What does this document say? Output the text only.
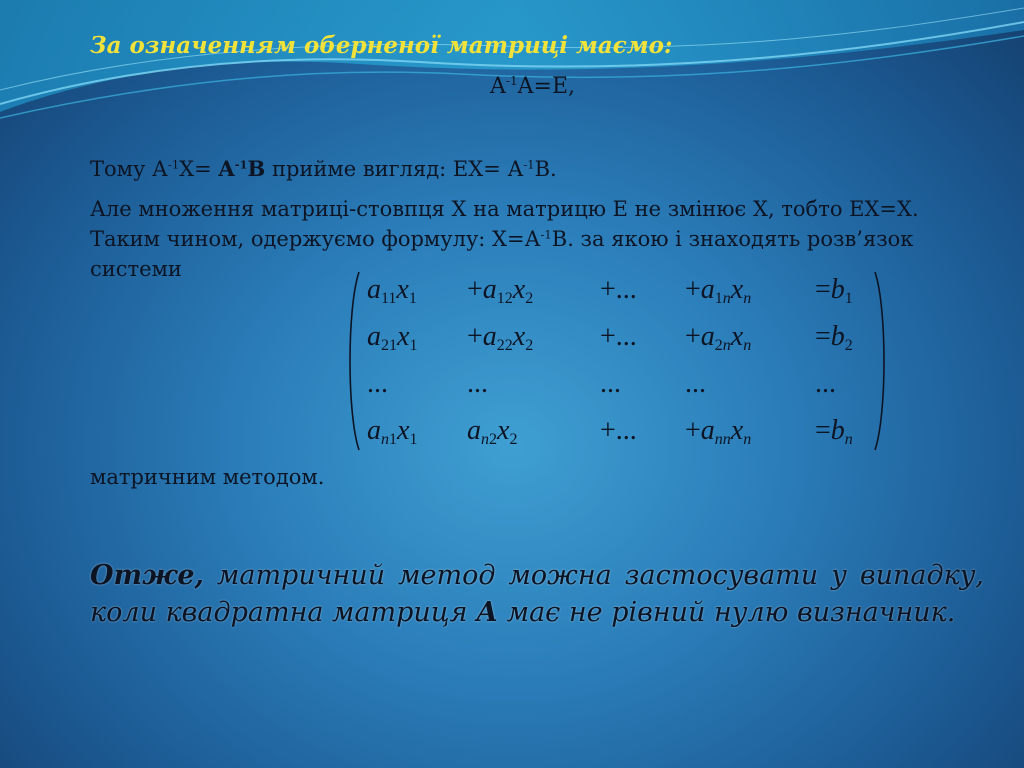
За означенням оберненої матриці маємо:

$A^{-1}A=E$,

Тому $А^{-1}Х= A^{-1}B$ прийме вигляд: $ЕХ= А^{-1}В$.

Але множення матриці-стовпця Х на матрицю Е не змінює Х, тобто ЕХ=Х. Таким чином, одержуємо формулу: $Х=А^{-1}В$. за якою і знаходять розв’язок системи

$a_{11}x_1 +a_{12}x_2$ +... $+a_{1n}x_n =b_1$
$a_{21}x_1 +a_{22}x_2$ +... $+a_{2n}x_n =b_2$
...	...	... ...	...
$a_{n1}x_1$ $a_{n2}x_2$	+... $+a_{nn}x_n =b_n$

матричним методом.

Отже, матричний метод можна застосувати у випадку, коли квадратна матриця А має не рівний нулю визначник.
